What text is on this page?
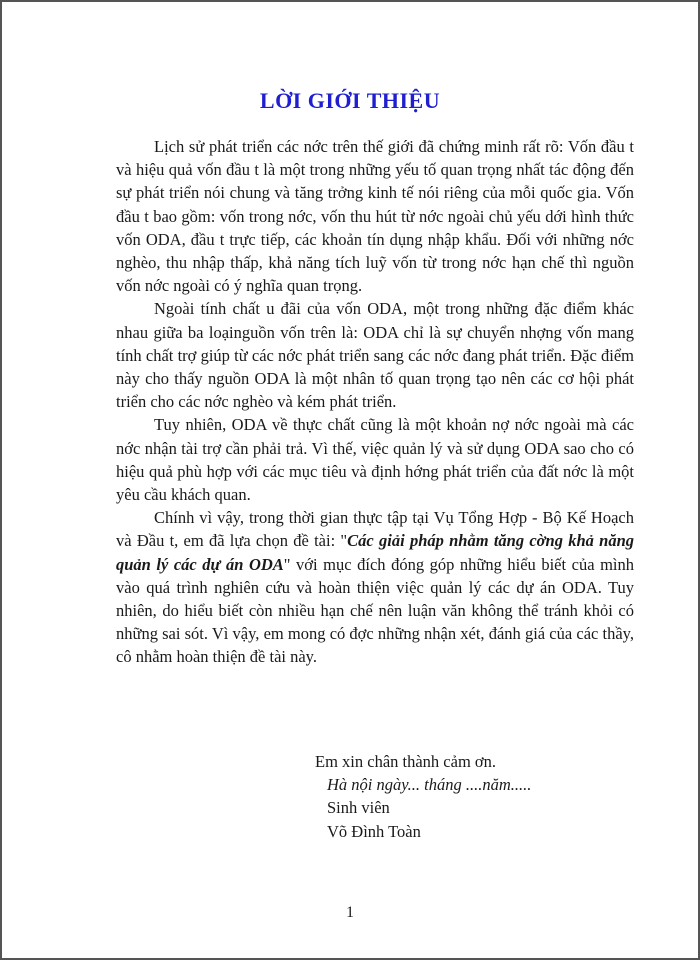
LỜI GIỚI THIỆU

Lịch sử phát triển các nớc trên thế giới đã chứng minh rất rõ: Vốn đầu t và hiệu quả vốn đầu t là một trong những yếu tố quan trọng nhất tác động đến sự phát triển nói chung và tăng trởng kinh tế nói riêng của mỗi quốc gia. Vốn đầu t bao gồm: vốn trong nớc, vốn thu hút từ nớc ngoài chủ yếu dới hình thức vốn ODA, đầu t trực tiếp, các khoản tín dụng nhập khẩu. Đối với những nớc nghèo, thu nhập thấp, khả năng tích luỹ vốn từ trong nớc hạn chế thì nguồn vốn nớc ngoài có ý nghĩa quan trọng.

Ngoài tính chất u đãi của vốn ODA, một trong những đặc điểm khác nhau giữa ba loạinguồn vốn trên là: ODA chỉ là sự chuyển nhợng vốn mang tính chất trợ giúp từ các nớc phát triển sang các nớc đang phát triển. Đặc điểm này cho thấy nguồn ODA là một nhân tố quan trọng tạo nên các cơ hội phát triển cho các nớc nghèo và kém phát triển.

Tuy nhiên, ODA về thực chất cũng là một khoản nợ nớc ngoài mà các nớc nhận tài trợ cần phải trả. Vì thế, việc quản lý và sử dụng ODA sao cho có hiệu quả phù hợp với các mục tiêu và định hớng phát triển của đất nớc là một yêu cầu khách quan.

Chính vì vậy, trong thời gian thực tập tại Vụ Tổng Hợp - Bộ Kế Hoạch và Đầu t, em đã lựa chọn đề tài: "Các giải pháp nhằm tăng cờng khả năng quản lý các dự án ODA" với mục đích đóng góp những hiểu biết của mình vào quá trình nghiên cứu và hoàn thiện việc quản lý các dự án ODA. Tuy nhiên, do hiểu biết còn nhiều hạn chế nên luận văn không thể tránh khỏi có những sai sót. Vì vậy, em mong có đợc những nhận xét, đánh giá của các thầy, cô nhằm hoàn thiện đề tài này.

Em xin chân thành cảm ơn.
Hà nội ngày... tháng ....năm.....
Sinh viên
Võ Đình Toàn
1
